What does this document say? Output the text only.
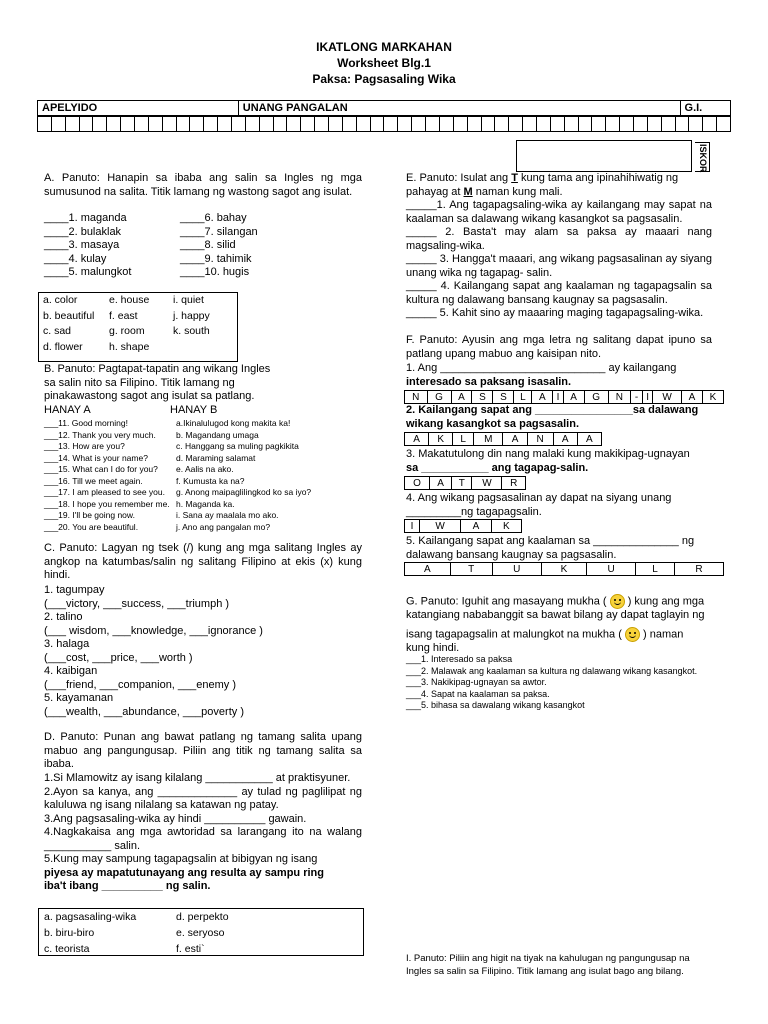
IKATLONG MARKAHAN
Worksheet Blg.1
Paksa: Pagsasaling Wika
APELYIDO	UNANG PANGALAN	G.I.

ISKOR
A. Panuto: Hanapin sa ibaba ang salin sa Ingles ng mga sumusunod na salita. Titik lamang ng wastong sagot ang isulat.
____1. maganda
____2. bulaklak
____3. masaya
____4. kulay
____5. malungkot
____6. bahay
____7. silangan
____8. silid
____9. tahimik
____10. hugis
a. color	e. house	i. quiet
b. beautiful	f. east	j. happy
c. sad	g. room	k. south
d. flower	h. shape	
B. Panuto: Pagtapat-tapatin ang wikang Ingles
sa salin nito sa Filipino. Titik lamang ng
pinakawastong sagot ang isulat sa patlang.
HANAY A	HANAY B
___11. Good morning!
___12. Thank you very much.
___13. How are you?
___14. What is your name?
___15. What can I do for you?
___16. Till we meet again.
___17. I am pleased to see you.
___18. I hope you remember me.
___19. I'll be going now.
___20. You are beautiful.
a.Ikinalulugod kong makita ka!
b. Magandang umaga
c. Hanggang sa muling pagkikita
d. Maraming salamat
e. Aalis na ako.
f. Kumusta ka na?
g. Anong maipaglilingkod ko sa iyo?
h. Maganda ka.
i. Sana ay maalala mo ako.
j. Ano ang pangalan mo?
C. Panuto: Lagyan ng tsek (/) kung ang mga salitang Ingles ay angkop na katumbas/salin ng salitang Filipino at ekis (x) kung hindi.
1. tagumpay
(___victory, ___success, ___triumph )
2. talino
(___ wisdom, ___knowledge, ___ignorance )
3. halaga
(___cost, ___price, ___worth )
4. kaibigan
(___friend, ___companion, ___enemy )
5. kayamanan
(___wealth, ___abundance, ___poverty )
D. Panuto: Punan ang bawat patlang ng tamang salita upang mabuo ang pangungusap. Piliin ang titik ng tamang salita sa ibaba.
1.Si Mlamowitz ay isang kilalang ___________ at praktisyuner.
2.Ayon sa kanya, ang _____________ ay tulad ng paglilipat ng kaluluwa ng isang nilalang sa katawan ng patay.
3.Ang pagsasaling-wika ay hindi __________ gawain.
4.Nagkakaisa ang mga awtoridad sa larangang ito na walang ___________ salin.
5.Kung may sampung tagapagsalin at bibigyan ng isang
piyesa ay mapatutunayang ang resulta ay sampu ring
iba't ibang __________ ng salin.
a. pagsasaling-wika	d. perpekto
b. biru-biro	e. seryoso
c. teorista	f. esti`
E. Panuto: Isulat ang T kung tama ang ipinahihiwatig ng
pahayag at M naman kung mali.
_____1. Ang tagapagsaling-wika ay kailangang may sapat na kaalaman sa dalawang wikang kasangkot sa pagsasalin.
_____ 2. Basta't may alam sa paksa ay maaari nang magsaling-wika.
_____ 3. Hangga't maaari, ang wikang pagsasalinan ay siyang unang wika ng tagapag- salin.
_____ 4. Kailangang sapat ang kaalaman ng tagapagsalin sa kultura ng dalawang bansang kaugnay sa pagsasalin.
_____ 5. Kahit sino ay maaaring maging tagapagsaling-wika.
F. Panuto: Ayusin ang mga letra ng salitang dapat ipuno sa patlang upang mabuo ang kaisipan nito.
1. Ang ___________________________ ay kailangang
interesado sa paksang isasalin.
N	G	A	S	S	L	A	I	A	G	N	-	I	W	A	K
2. Kailangang sapat ang ________________sa dalawang
wikang kasangkot sa pagsasalin.
A	K	L	M	A	N	A	A
3. Makatutulong din nang malaki kung makikipag-ugnayan
sa ___________ ang tagapag-salin.
O	A	T	W	R
4. Ang wikang pagsasalinan ay dapat na siyang unang
_________ng tagapagsalin.
I	W	A	K
5. Kailangang sapat ang kaalaman sa ______________ ng
dalawang bansang kaugnay sa pagsasalin.
A	T	U	K	U	L	R
G. Panuto: Iguhit ang masayang mukha ( ) kung ang mga
katangiang nababanggit sa bawat bilang ay dapat taglayin ng
isang tagapagsalin at malungkot na mukha ( ) naman
kung hindi.
___1. Interesado sa paksa
___2. Malawak ang kaalaman sa kultura ng dalawang wikang kasangkot.
___3. Nakikipag-ugnayan sa awtor.
___4. Sapat na kaalaman sa paksa.
___5. bihasa sa dawalang wikang kasangkot
I. Panuto: Piliin ang higit na tiyak na kahulugan ng pangungusap na
Ingles sa salin sa Filipino. Titik lamang ang isulat bago ang bilang.
